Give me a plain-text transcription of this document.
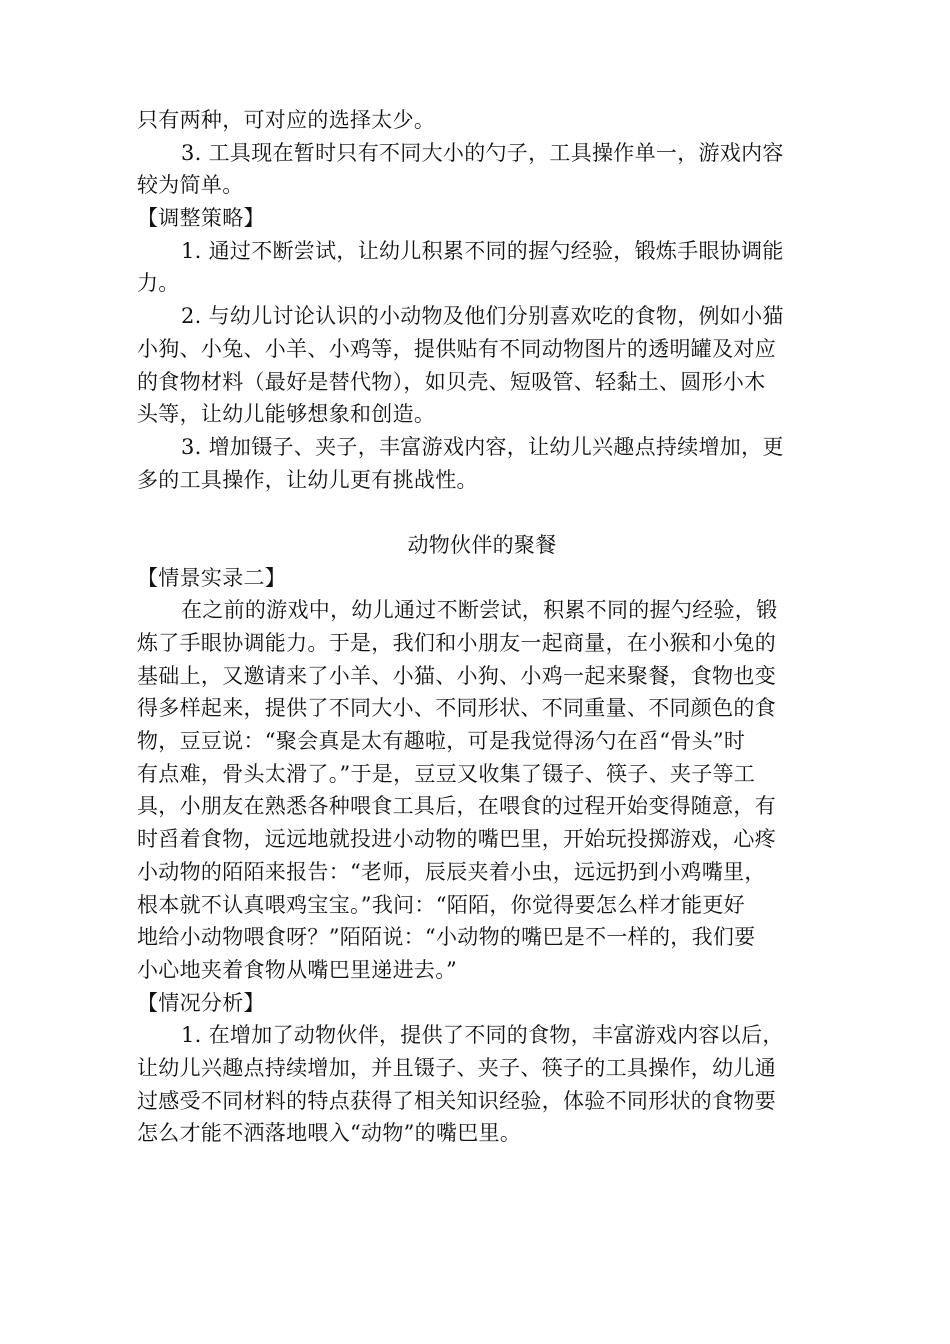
只有两种，可对应的选择太少。
3. 工具现在暂时只有不同大小的勺子，工具操作单一，游戏内容
较为简单。
【调整策略】
1. 通过不断尝试，让幼儿积累不同的握勺经验，锻炼手眼协调能
力。
2. 与幼儿讨论认识的小动物及他们分别喜欢吃的食物，例如小猫
小狗、小兔、小羊、小鸡等，提供贴有不同动物图片的透明罐及对应
的食物材料（最好是替代物），如贝壳、短吸管、轻黏土、圆形小木
头等，让幼儿能够想象和创造。
3. 增加镊子、夹子，丰富游戏内容，让幼儿兴趣点持续增加，更
多的工具操作，让幼儿更有挑战性。
动物伙伴的聚餐
【情景实录二】
在之前的游戏中，幼儿通过不断尝试，积累不同的握勺经验，锻
炼了手眼协调能力。于是，我们和小朋友一起商量，在小猴和小兔的
基础上，又邀请来了小羊、小猫、小狗、小鸡一起来聚餐，食物也变
得多样起来，提供了不同大小、不同形状、不同重量、不同颜色的食
物，豆豆说：“聚会真是太有趣啦，可是我觉得汤勺在舀“骨头”时
有点难，骨头太滑了。”于是，豆豆又收集了镊子、筷子、夹子等工
具，小朋友在熟悉各种喂食工具后，在喂食的过程开始变得随意，有
时舀着食物，远远地就投进小动物的嘴巴里，开始玩投掷游戏，心疼
小动物的陌陌来报告：“老师，辰辰夹着小虫，远远扔到小鸡嘴里，
根本就不认真喂鸡宝宝。”我问：“陌陌，你觉得要怎么样才能更好
地给小动物喂食呀？”陌陌说：“小动物的嘴巴是不一样的，我们要
小心地夹着食物从嘴巴里递进去。”
【情况分析】
1. 在增加了动物伙伴，提供了不同的食物，丰富游戏内容以后，
让幼儿兴趣点持续增加，并且镊子、夹子、筷子的工具操作，幼儿通
过感受不同材料的特点获得了相关知识经验，体验不同形状的食物要
怎么才能不洒落地喂入“动物”的嘴巴里。
